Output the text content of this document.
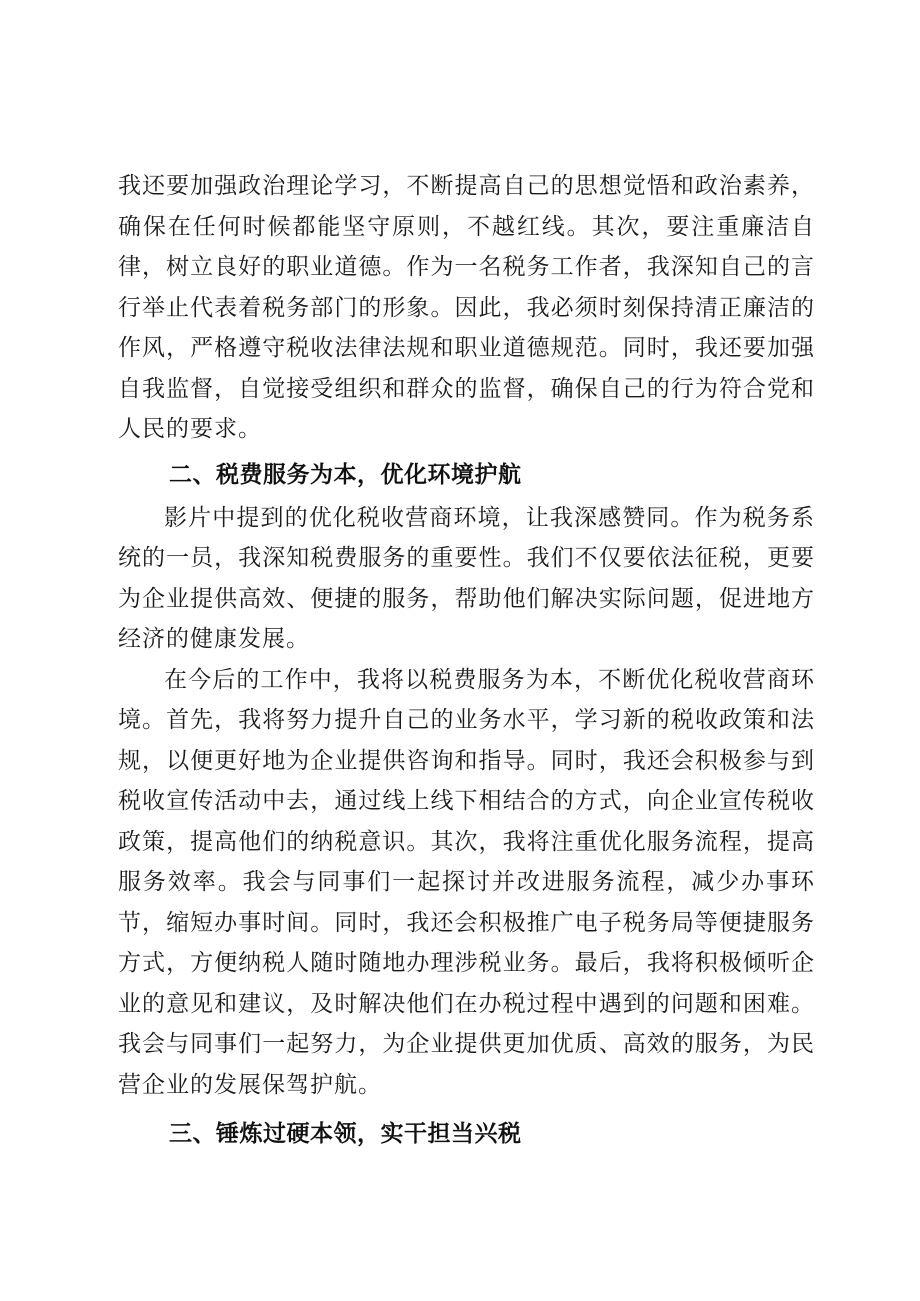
我还要加强政治理论学习，不断提高自己的思想觉悟和政治素养，确保在任何时候都能坚守原则，不越红线。其次，要注重廉洁自律，树立良好的职业道德。作为一名税务工作者，我深知自己的言行举止代表着税务部门的形象。因此，我必须时刻保持清正廉洁的作风，严格遵守税收法律法规和职业道德规范。同时，我还要加强自我监督，自觉接受组织和群众的监督，确保自己的行为符合党和人民的要求。

二、税费服务为本，优化环境护航

影片中提到的优化税收营商环境，让我深感赞同。作为税务系统的一员，我深知税费服务的重要性。我们不仅要依法征税，更要为企业提供高效、便捷的服务，帮助他们解决实际问题，促进地方经济的健康发展。

在今后的工作中，我将以税费服务为本，不断优化税收营商环境。首先，我将努力提升自己的业务水平，学习新的税收政策和法规，以便更好地为企业提供咨询和指导。同时，我还会积极参与到税收宣传活动中去，通过线上线下相结合的方式，向企业宣传税收政策，提高他们的纳税意识。其次，我将注重优化服务流程，提高服务效率。我会与同事们一起探讨并改进服务流程，减少办事环节，缩短办事时间。同时，我还会积极推广电子税务局等便捷服务方式，方便纳税人随时随地办理涉税业务。最后，我将积极倾听企业的意见和建议，及时解决他们在办税过程中遇到的问题和困难。我会与同事们一起努力，为企业提供更加优质、高效的服务，为民营企业的发展保驾护航。

三、锤炼过硬本领，实干担当兴税
